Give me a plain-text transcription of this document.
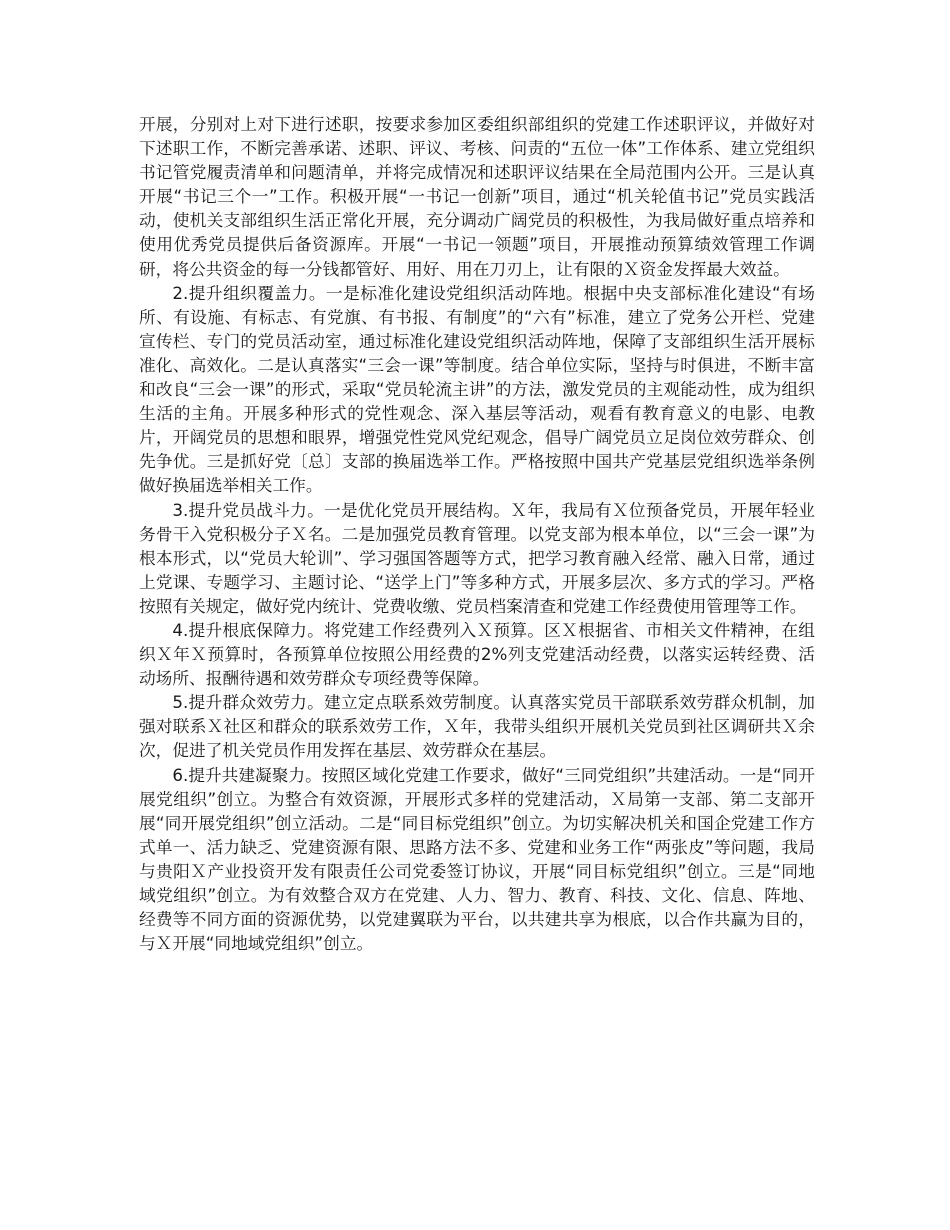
开展，分别对上对下进行述职，按要求参加区委组织部组织的党建工作述职评议，并做好对下述职工作，不断完善承诺、述职、评议、考核、问责的“五位一体”工作体系、建立党组织书记管党履责清单和问题清单，并将完成情况和述职评议结果在全局范围内公开。三是认真开展“书记三个一”工作。积极开展“一书记一创新”项目，通过“机关轮值书记”党员实践活动，使机关支部组织生活正常化开展，充分调动广阔党员的积极性，为我局做好重点培养和使用优秀党员提供后备资源库。开展“一书记一领题”项目，开展推动预算绩效管理工作调研，将公共资金的每一分钱都管好、用好、用在刀刃上，让有限的Ｘ资金发挥最大效益。

2.提升组织覆盖力。一是标准化建设党组织活动阵地。根据中央支部标准化建设“有场所、有设施、有标志、有党旗、有书报、有制度”的“六有”标准，建立了党务公开栏、党建宣传栏、专门的党员活动室，通过标准化建设党组织活动阵地，保障了支部组织生活开展标准化、高效化。二是认真落实“三会一课”等制度。结合单位实际，坚持与时俱进，不断丰富和改良“三会一课”的形式，采取“党员轮流主讲”的方法，激发党员的主观能动性，成为组织生活的主角。开展多种形式的党性观念、深入基层等活动，观看有教育意义的电影、电教片，开阔党员的思想和眼界，增强党性党风党纪观念，倡导广阔党员立足岗位效劳群众、创先争优。三是抓好党〔总〕支部的换届选举工作。严格按照中国共产党基层党组织选举条例做好换届选举相关工作。

3.提升党员战斗力。一是优化党员开展结构。Ｘ年，我局有Ｘ位预备党员，开展年轻业务骨干入党积极分子Ｘ名。二是加强党员教育管理。以党支部为根本单位，以“三会一课”为根本形式，以“党员大轮训”、学习强国答题等方式，把学习教育融入经常、融入日常，通过上党课、专题学习、主题讨论、“送学上门”等多种方式，开展多层次、多方式的学习。严格按照有关规定，做好党内统计、党费收缴、党员档案清查和党建工作经费使用管理等工作。

4.提升根底保障力。将党建工作经费列入Ｘ预算。区Ｘ根据省、市相关文件精神，在组织Ｘ年Ｘ预算时，各预算单位按照公用经费的2%列支党建活动经费，以落实运转经费、活动场所、报酬待遇和效劳群众专项经费等保障。

5.提升群众效劳力。建立定点联系效劳制度。认真落实党员干部联系效劳群众机制，加强对联系Ｘ社区和群众的联系效劳工作，Ｘ年，我带头组织开展机关党员到社区调研共Ｘ余次，促进了机关党员作用发挥在基层、效劳群众在基层。

6.提升共建凝聚力。按照区域化党建工作要求，做好“三同党组织”共建活动。一是“同开展党组织”创立。为整合有效资源，开展形式多样的党建活动，Ｘ局第一支部、第二支部开展“同开展党组织”创立活动。二是“同目标党组织”创立。为切实解决机关和国企党建工作方式单一、活力缺乏、党建资源有限、思路方法不多、党建和业务工作“两张皮”等问题，我局与贵阳Ｘ产业投资开发有限责任公司党委签订协议，开展“同目标党组织”创立。三是“同地域党组织”创立。为有效整合双方在党建、人力、智力、教育、科技、文化、信息、阵地、经费等不同方面的资源优势，以党建翼联为平台，以共建共享为根底，以合作共赢为目的，与Ｘ开展“同地域党组织”创立。
